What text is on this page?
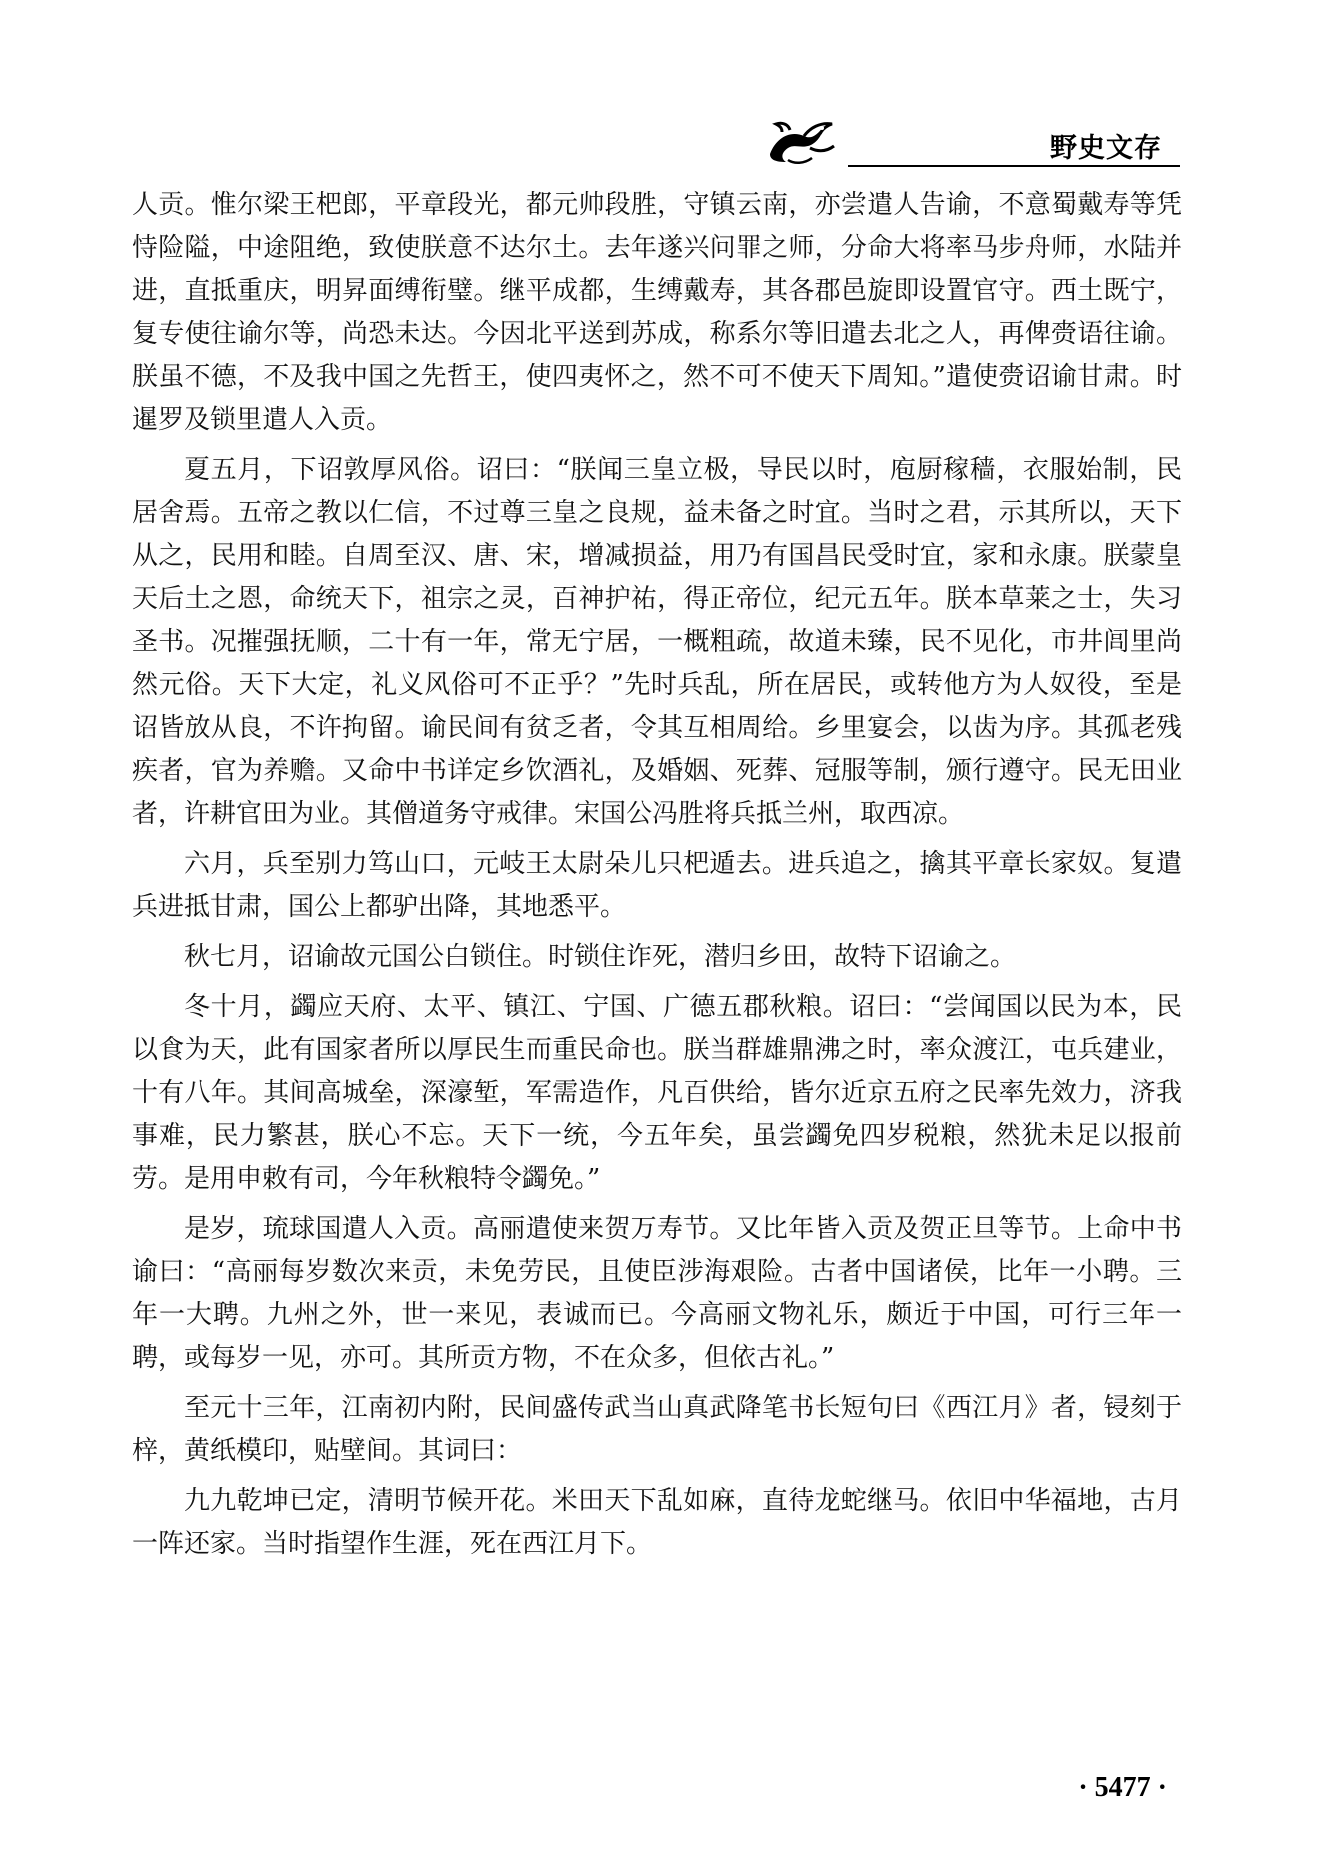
野史文存

人贡。惟尔梁王杷郎，平章段光，都元帅段胜，守镇云南，亦尝遣人告谕，不意蜀戴寿等凭恃险隘，中途阻绝，致使朕意不达尔土。去年遂兴问罪之师，分命大将率马步舟师，水陆并进，直抵重庆，明昇面缚衔璧。继平成都，生缚戴寿，其各郡邑旋即设置官守。西土既宁，复专使往谕尔等，尚恐未达。今因北平送到苏成，称系尔等旧遣去北之人，再俾赍语往谕。朕虽不德，不及我中国之先哲王，使四夷怀之，然不可不使天下周知。”遣使赍诏谕甘肃。时暹罗及锁里遣人入贡。

夏五月，下诏敦厚风俗。诏曰：“朕闻三皇立极，导民以时，庖厨稼穑，衣服始制，民居舍焉。五帝之教以仁信，不过尊三皇之良规，益未备之时宜。当时之君，示其所以，天下从之，民用和睦。自周至汉、唐、宋，增减损益，用乃有国昌民受时宜，家和永康。朕蒙皇天后土之恩，命统天下，祖宗之灵，百神护祐，得正帝位，纪元五年。朕本草莱之士，失习圣书。况摧强抚顺，二十有一年，常无宁居，一概粗疏，故道未臻，民不见化，市井闾里尚然元俗。天下大定，礼义风俗可不正乎？”先时兵乱，所在居民，或转他方为人奴役，至是诏皆放从良，不许拘留。谕民间有贫乏者，令其互相周给。乡里宴会，以齿为序。其孤老残疾者，官为养赡。又命中书详定乡饮酒礼，及婚姻、死葬、冠服等制，颁行遵守。民无田业者，许耕官田为业。其僧道务守戒律。宋国公冯胜将兵抵兰州，取西凉。

六月，兵至别力笃山口，元岐王太尉朵儿只杷遁去。进兵追之，擒其平章长家奴。复遣兵进抵甘肃，国公上都驴出降，其地悉平。

秋七月，诏谕故元国公白锁住。时锁住诈死，潜归乡田，故特下诏谕之。

冬十月，蠲应天府、太平、镇江、宁国、广德五郡秋粮。诏曰：“尝闻国以民为本，民以食为天，此有国家者所以厚民生而重民命也。朕当群雄鼎沸之时，率众渡江，屯兵建业，十有八年。其间高城垒，深濠堑，军需造作，凡百供给，皆尔近京五府之民率先效力，济我事难，民力繁甚，朕心不忘。天下一统，今五年矣，虽尝蠲免四岁税粮，然犹未足以报前劳。是用申敕有司，今年秋粮特令蠲免。”

是岁，琉球国遣人入贡。高丽遣使来贺万寿节。又比年皆入贡及贺正旦等节。上命中书谕曰：“高丽每岁数次来贡，未免劳民，且使臣涉海艰险。古者中国诸侯，比年一小聘。三年一大聘。九州之外，世一来见，表诚而已。今高丽文物礼乐，颇近于中国，可行三年一聘，或每岁一见，亦可。其所贡方物，不在众多，但依古礼。”

至元十三年，江南初内附，民间盛传武当山真武降笔书长短句曰《西江月》者，锓刻于梓，黄纸模印，贴壁间。其词曰：

九九乾坤已定，清明节候开花。米田天下乱如麻，直待龙蛇继马。依旧中华福地，古月一阵还家。当时指望作生涯，死在西江月下。

· 5477 ·
